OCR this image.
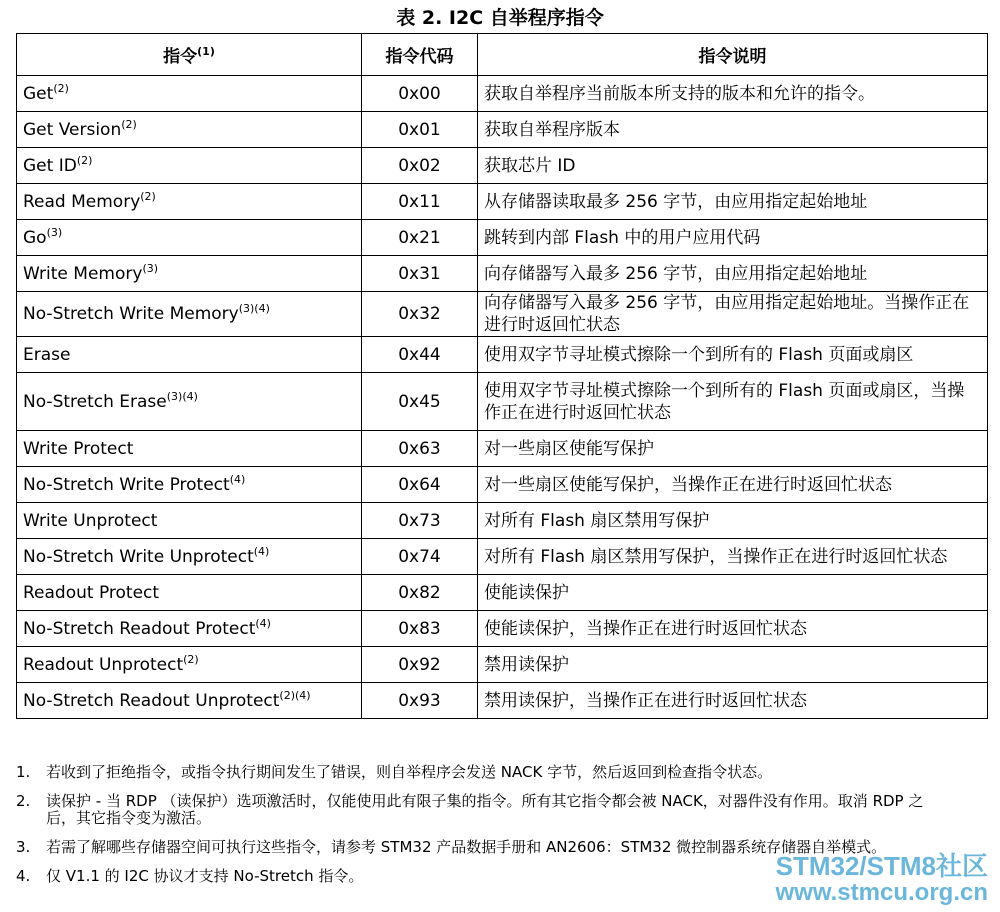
表 2. I2C 自举程序指令
指令$^{(1)}$	指令代码	指令说明
Get$^{(2)}$	0x00	获取自举程序当前版本所支持的版本和允许的指令。
Get Version$^{(2)}$	0x01	获取自举程序版本
Get ID$^{(2)}$	0x02	获取芯片 ID
Read Memory$^{(2)}$	0x11	从存储器读取最多 256 字节，由应用指定起始地址
Go$^{(3)}$	0x21	跳转到内部 Flash 中的用户应用代码
Write Memory$^{(3)}$	0x31	向存储器写入最多 256 字节，由应用指定起始地址
No-Stretch Write Memory$^{(3)(4)}$	0x32	向存储器写入最多 256 字节，由应用指定起始地址。当操作正在进行时返回忙状态
Erase	0x44	使用双字节寻址模式擦除一个到所有的 Flash 页面或扇区
No-Stretch Erase$^{(3)(4)}$	0x45	使用双字节寻址模式擦除一个到所有的 Flash 页面或扇区，当操作正在进行时返回忙状态
Write Protect	0x63	对一些扇区使能写保护
No-Stretch Write Protect$^{(4)}$	0x64	对一些扇区使能写保护，当操作正在进行时返回忙状态
Write Unprotect	0x73	对所有 Flash 扇区禁用写保护
No-Stretch Write Unprotect$^{(4)}$	0x74	对所有 Flash 扇区禁用写保护，当操作正在进行时返回忙状态
Readout Protect	0x82	使能读保护
No-Stretch Readout Protect$^{(4)}$	0x83	使能读保护，当操作正在进行时返回忙状态
Readout Unprotect$^{(2)}$	0x92	禁用读保护
No-Stretch Readout Unprotect$^{(2)(4)}$	0x93	禁用读保护，当操作正在进行时返回忙状态
1.	若收到了拒绝指令，或指令执行期间发生了错误，则自举程序会发送 NACK 字节，然后返回到检查指令状态。
2.	读保护 - 当 RDP （读保护）选项激活时，仅能使用此有限子集的指令。所有其它指令都会被 NACK，对器件没有作用。取消 RDP 之后，其它指令变为激活。
3.	若需了解哪些存储器空间可执行这些指令，请参考 STM32 产品数据手册和 AN2606：STM32 微控制器系统存储器自举模式。
4.	仅 V1.1 的 I2C 协议才支持 No-Stretch 指令。	STM32/STM8社区
www.stmcu.org.cn
